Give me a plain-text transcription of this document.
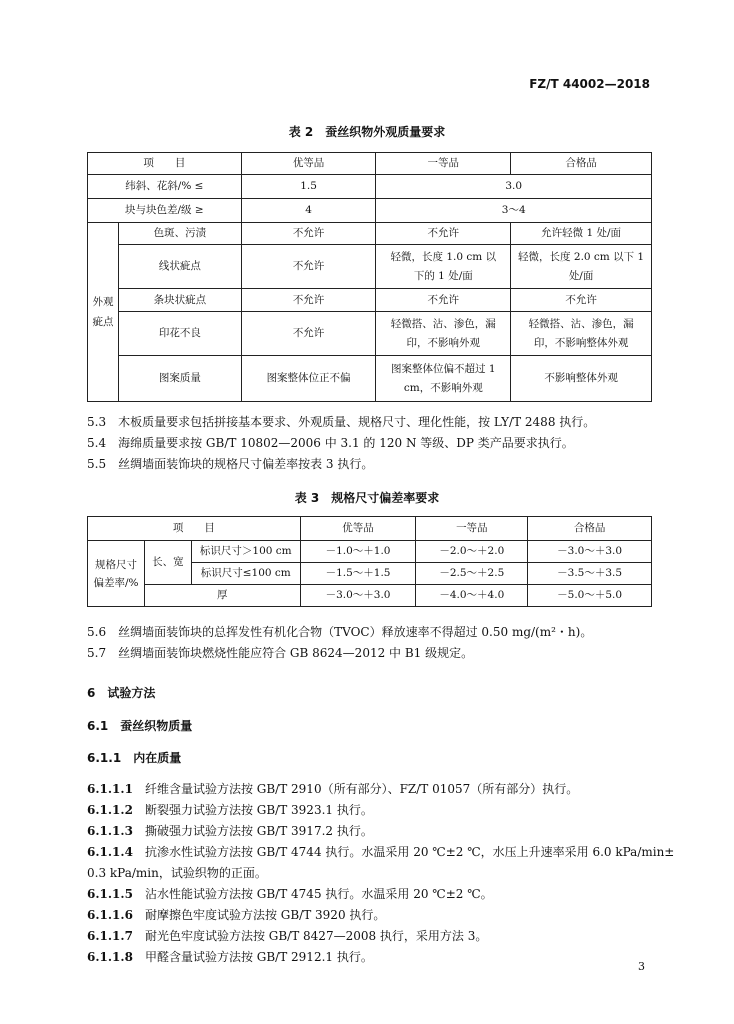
FZ/T 44002—2018
表 2　蚕丝织物外观质量要求
项　　目		优等品	一等品	合格品
纬斜、花斜/% ≤		1.5	3.0	
块与块色差/级 ≥		4	3～4	
外观疵点	色斑、污渍	不允许	不允许	允许轻微 1 处/面
	线状疵点	不允许	轻微，长度 1.0 cm 以下的 1 处/面	轻微，长度 2.0 cm 以下 1 处/面
	条块状疵点	不允许	不允许	不允许
	印花不良	不允许	轻微搭、沾、渗色，漏印，不影响外观	轻微搭、沾、渗色，漏印，不影响整体外观
	图案质量	图案整体位正不偏	图案整体位偏不超过 1 cm，不影响外观	不影响整体外观
5.3　 木板质量要求包括拼接基本要求、外观质量、规格尺寸、理化性能，按 LY/T 2488 执行。
5.4　 海绵质量要求按 GB/T 10802—2006 中 3.1 的 120 N 等级、DP 类产品要求执行。
5.5　 丝绸墙面装饰块的规格尺寸偏差率按表 3 执行。
表 3　规格尺寸偏差率要求
项　　目			优等品	一等品	合格品
规格尺寸偏差率/%	长、宽	标识尺寸＞100 cm	－1.0～＋1.0	－2.0～＋2.0	－3.0～＋3.0
		标识尺寸≤100 cm	－1.5～＋1.5	－2.5～＋2.5	－3.5～＋3.5
	厚		－3.0～＋3.0	－4.0～＋4.0	－5.0～＋5.0
5.6　 丝绸墙面装饰块的总挥发性有机化合物（TVOC）释放速率不得超过 0.50 mg/(m²・h)。
5.7　 丝绸墙面装饰块燃烧性能应符合 GB 8624—2012 中 B1 级规定。
6　 试验方法
6.1　 蚕丝织物质量
6.1.1　 内在质量
6.1.1.1　 纤维含量试验方法按 GB/T 2910（所有部分）、FZ/T 01057（所有部分）执行。
6.1.1.2　 断裂强力试验方法按 GB/T 3923.1 执行。
6.1.1.3　 撕破强力试验方法按 GB/T 3917.2 执行。
6.1.1.4　 抗渗水性试验方法按 GB/T 4744 执行。水温采用 20 ℃±2 ℃，水压上升速率采用 6.0 kPa/min±
0.3 kPa/min，试验织物的正面。
6.1.1.5　 沾水性能试验方法按 GB/T 4745 执行。水温采用 20 ℃±2 ℃。
6.1.1.6　 耐摩擦色牢度试验方法按 GB/T 3920 执行。
6.1.1.7　 耐光色牢度试验方法按 GB/T 8427—2008 执行，采用方法 3。
6.1.1.8　 甲醛含量试验方法按 GB/T 2912.1 执行。
3
